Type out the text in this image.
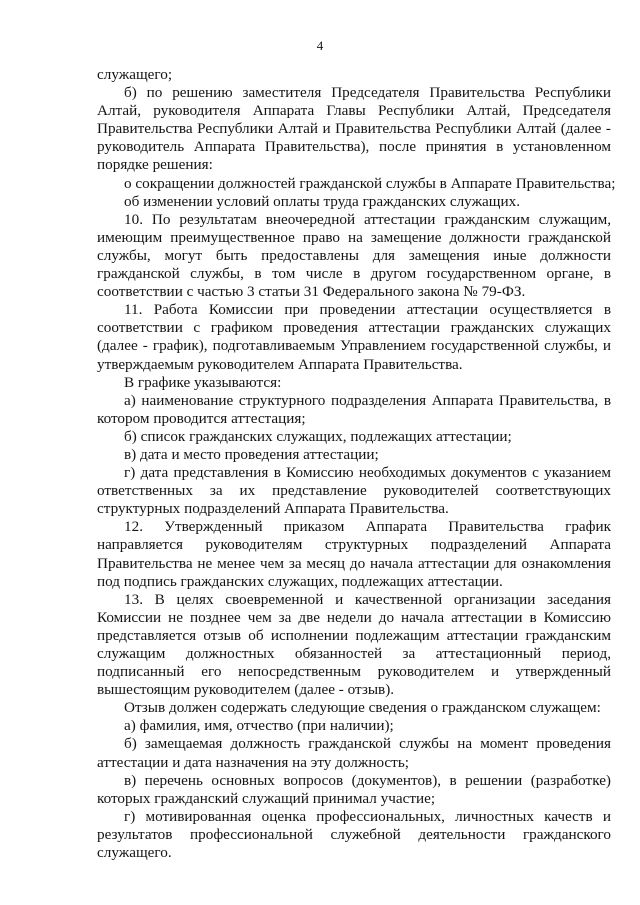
4

служащего;

б) по решению заместителя Председателя Правительства Республики Алтай, руководителя Аппарата Главы Республики Алтай, Председателя Правительства Республики Алтай и Правительства Республики Алтай (далее - руководитель Аппарата Правительства), после принятия в установленном порядке решения:

о сокращении должностей гражданской службы в Аппарате Правительства;

об изменении условий оплаты труда гражданских служащих.

10. По результатам внеочередной аттестации гражданским служащим, имеющим преимущественное право на замещение должности гражданской службы, могут быть предоставлены для замещения иные должности гражданской службы, в том числе в другом государственном органе, в соответствии с частью 3 статьи 31 Федерального закона № 79-ФЗ.

11. Работа Комиссии при проведении аттестации осуществляется в соответствии с графиком проведения аттестации гражданских служащих (далее - график), подготавливаемым Управлением государственной службы, и утверждаемым руководителем Аппарата Правительства.

В графике указываются:

а) наименование структурного подразделения Аппарата Правительства, в котором проводится аттестация;

б) список гражданских служащих, подлежащих аттестации;

в) дата и место проведения аттестации;

г) дата представления в Комиссию необходимых документов с указанием ответственных за их представление руководителей соответствующих структурных подразделений Аппарата Правительства.

12. Утвержденный приказом Аппарата Правительства график направляется руководителям структурных подразделений Аппарата Правительства не менее чем за месяц до начала аттестации для ознакомления под подпись гражданских служащих, подлежащих аттестации.

13. В целях своевременной и качественной организации заседания Комиссии не позднее чем за две недели до начала аттестации в Комиссию представляется отзыв об исполнении подлежащим аттестации гражданским служащим должностных обязанностей за аттестационный период, подписанный его непосредственным руководителем и утвержденный вышестоящим руководителем (далее - отзыв).

Отзыв должен содержать следующие сведения о гражданском служащем:

а) фамилия, имя, отчество (при наличии);

б) замещаемая должность гражданской службы на момент проведения аттестации и дата назначения на эту должность;

в) перечень основных вопросов (документов), в решении (разработке) которых гражданский служащий принимал участие;

г) мотивированная оценка профессиональных, личностных качеств и результатов профессиональной служебной деятельности гражданского служащего.
